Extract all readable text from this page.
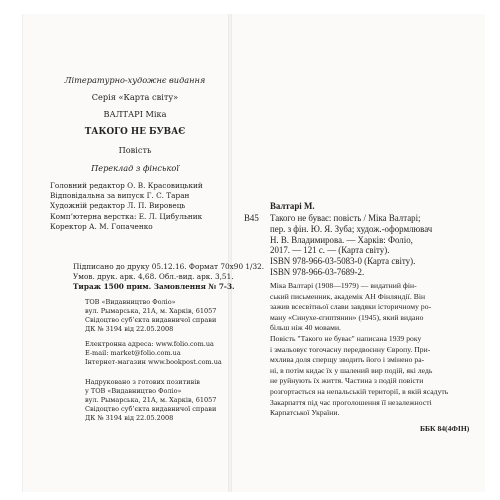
Літературно-художнє видання
Серія «Карта світу»
ВАЛТАРІ Міка
ТАКОГО НЕ БУВАЄ
Повість
Переклад з фінської
Головний редактор О. В. Красовицький
Відповідальна за випуск Г. С. Таран
Художній редактор Л. П. Вировець
Комп’ютерна верстка: Е. Л. Цибульник
Коректор А. М. Гопаченко
Підписано до друку 05.12.16. Формат 70х90 1/32.
Умов. друк. арк. 4,68. Обл.-вид. арк. 3,51.
Тираж 1500 прим. Замовлення № 7-3.
ТОВ «Видавництво Фоліо»
вул. Рымарська, 21А, м. Харків, 61057
Свідоцтво суб’єкта видавничої справи
ДК № 3194 від 22.05.2008
Електронна адреса: www.folio.com.ua
E-mail: market@folio.com.ua
Інтернет-магазин www.bookpost.com.ua
Надруковано з готових позитивів
у ТОВ «Видавництво Фоліо»
вул. Рымарська, 21А, м. Харків, 61057
Свідоцтво суб’єкта видавничої справи
ДК № 3194 від 22.05.2008
Валтарі М.
В45 Такого не буває: повість / Міка Валтарі;
пер. з фін. Ю. Я. Зуба; худож.-оформлювач
Н. В. Владимирова. — Харків: Фоліо,
2017. — 121 с. — (Карта світу).
ISBN 978-966-03-5083-0 (Карта світу).
ISBN 978-966-03-7689-2.
Міка Валтарі (1908—1979) — видатний фін-
ський письменник, академік АН Фінляндії. Він
зажив всесвітньої слави завдяки історичному ро-
ману «Синухе-єгиптянин» (1945), який видано
більш ніж 40 мовами.
Повість "Такого не буває" написана 1939 року
і змальовує тогочасну передвоєнну Європу. При-
мхлива доля сперщу зводить його і змінено ра-
ні, в потім кидає їх у шалений вир подій, які ледь
не руйнують їх життя. Частина з подій повісти
розгортається на непальській території, в якій ясадуть
Закарпаття під час проголошення її незалежності
Карпатської України.
ББК 84(4ФІН)
